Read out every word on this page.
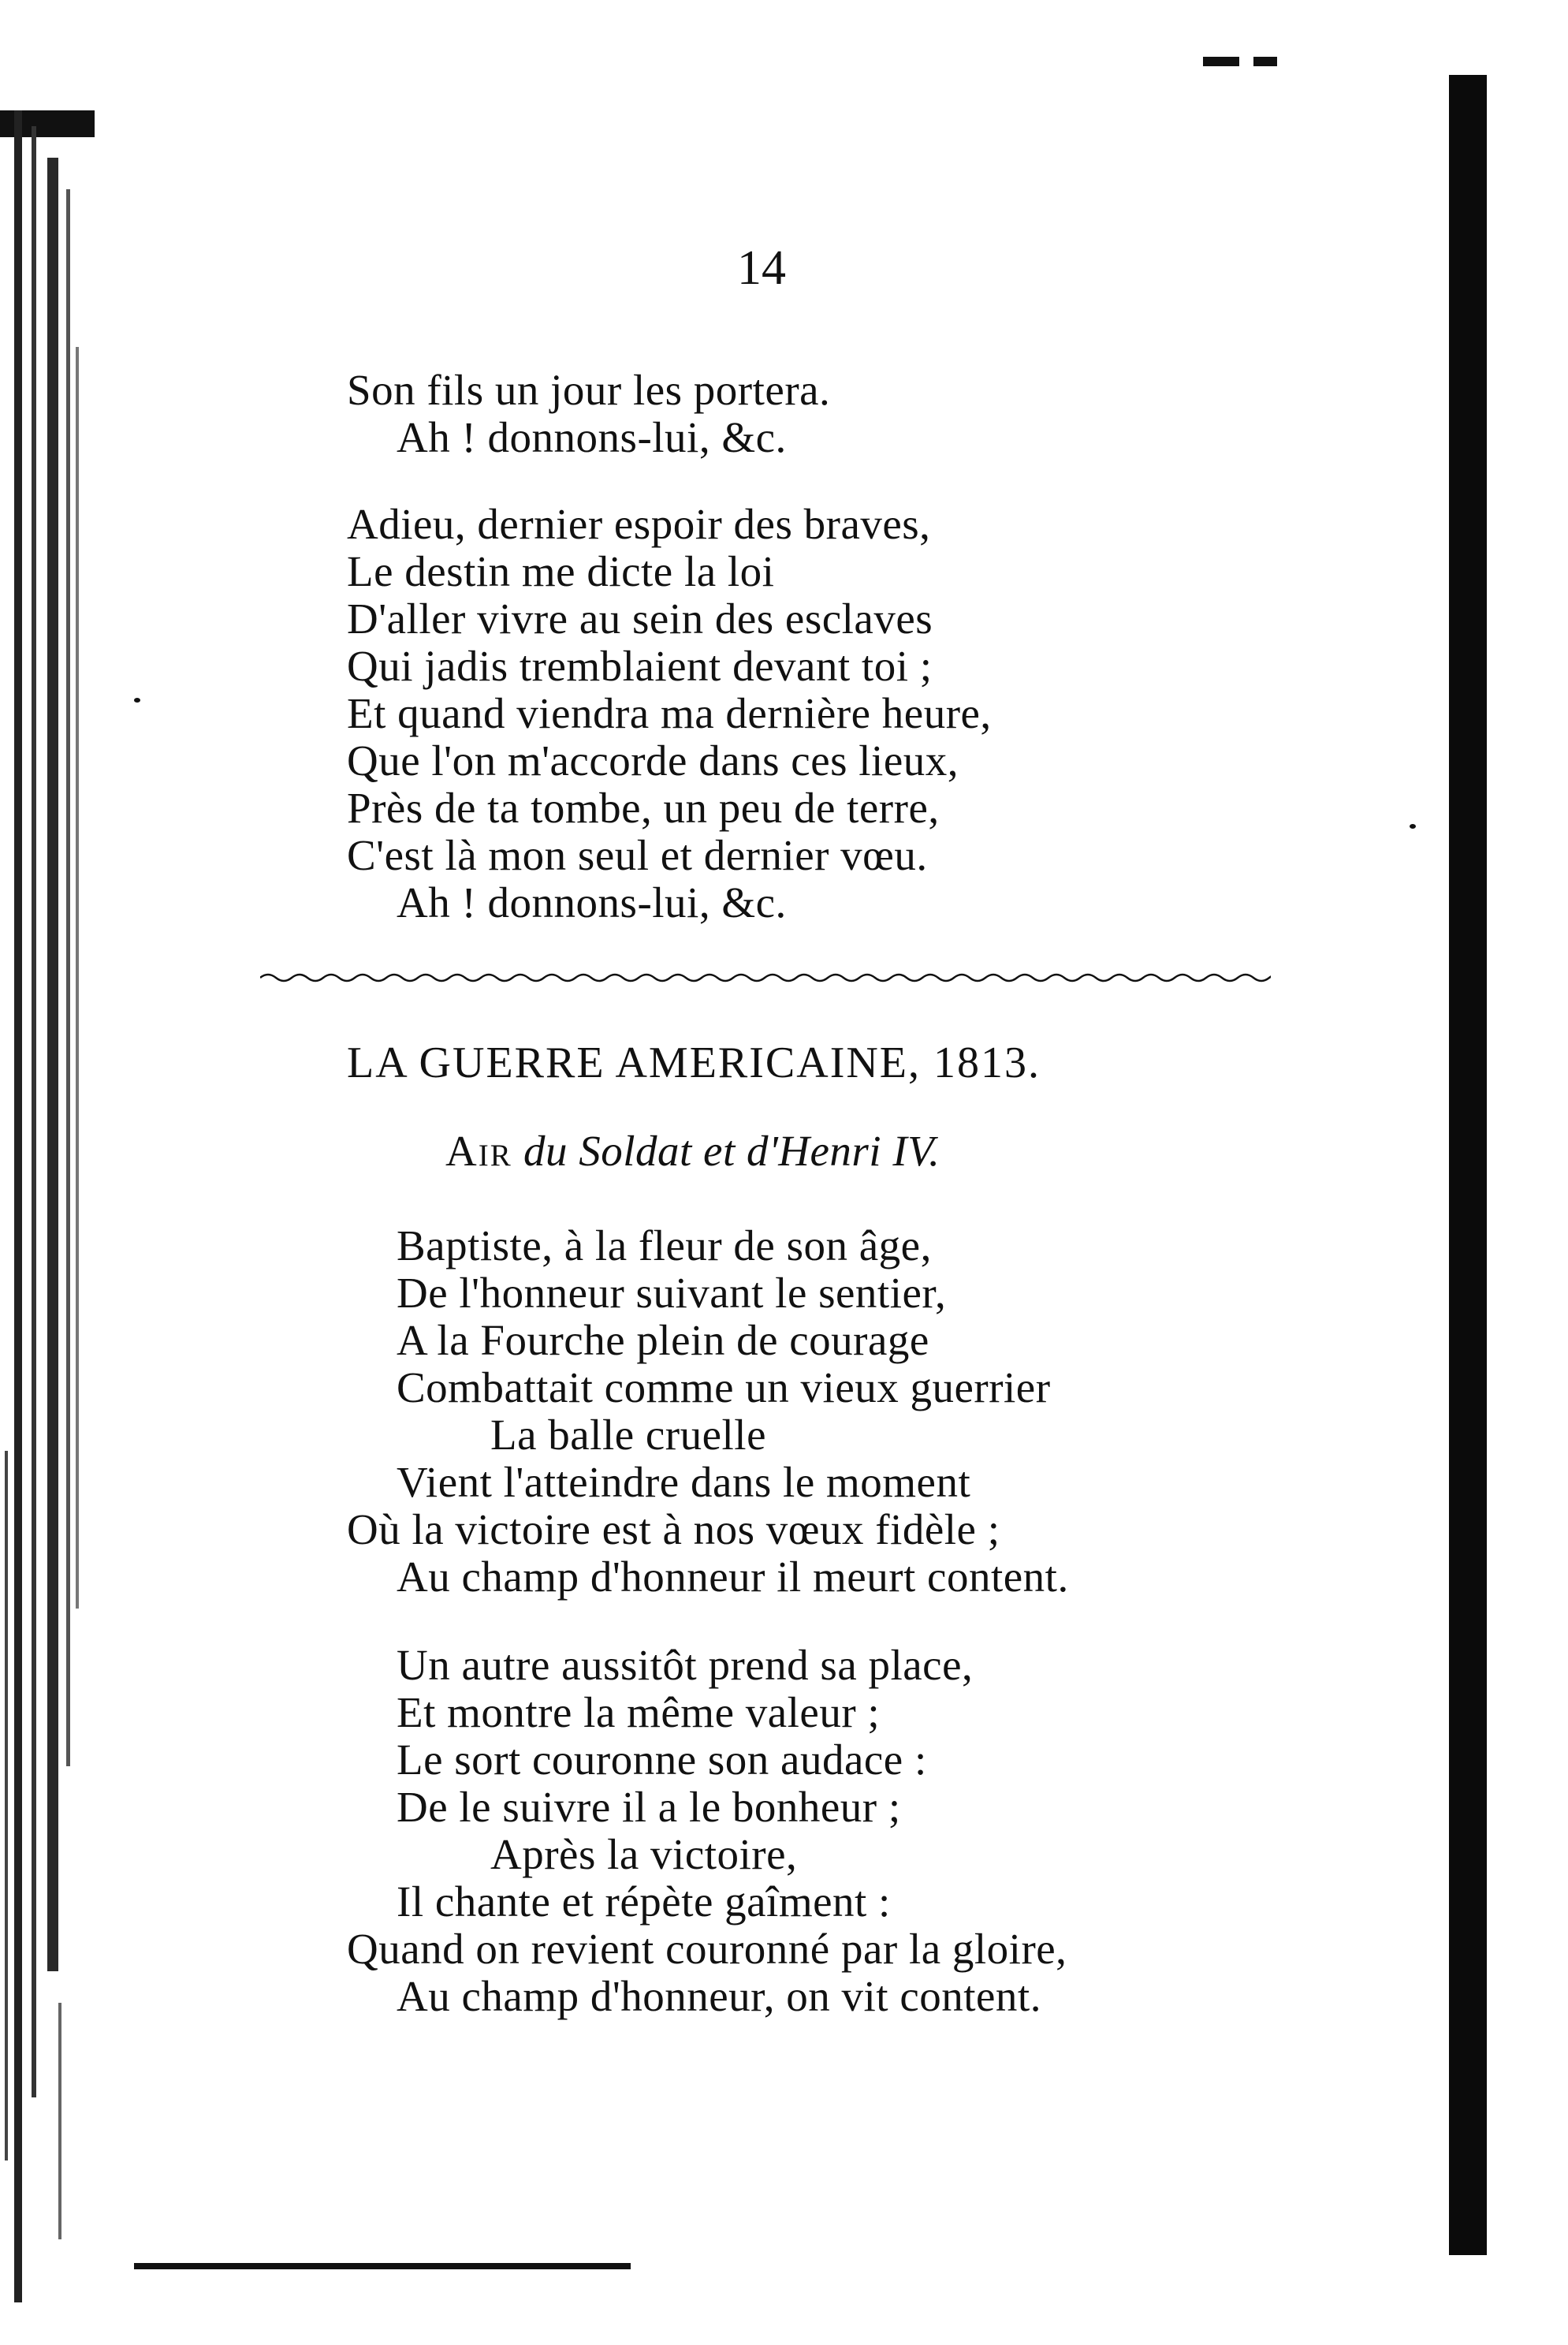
14
Son fils un jour les portera.
Ah ! donnons-lui, &c.
Adieu, dernier espoir des braves,
Le destin me dicte la loi
D'aller vivre au sein des esclaves
Qui jadis tremblaient devant toi ;
Et quand viendra ma dernière heure,
Que l'on m'accorde dans ces lieux,
Près de ta tombe, un peu de terre,
C'est là mon seul et dernier vœu.
Ah ! donnons-lui, &c.
LA GUERRE AMERICAINE, 1813.
Air du Soldat et d'Henri IV.
Baptiste, à la fleur de son âge,
De l'honneur suivant le sentier,
A la Fourche plein de courage
Combattait comme un vieux guerrier
La balle cruelle
Vient l'atteindre dans le moment
Où la victoire est à nos vœux fidèle ;
Au champ d'honneur il meurt content.
Un autre aussitôt prend sa place,
Et montre la même valeur ;
Le sort couronne son audace :
De le suivre il a le bonheur ;
Après la victoire,
Il chante et répète gaîment :
Quand on revient couronné par la gloire,
Au champ d'honneur, on vit content.
